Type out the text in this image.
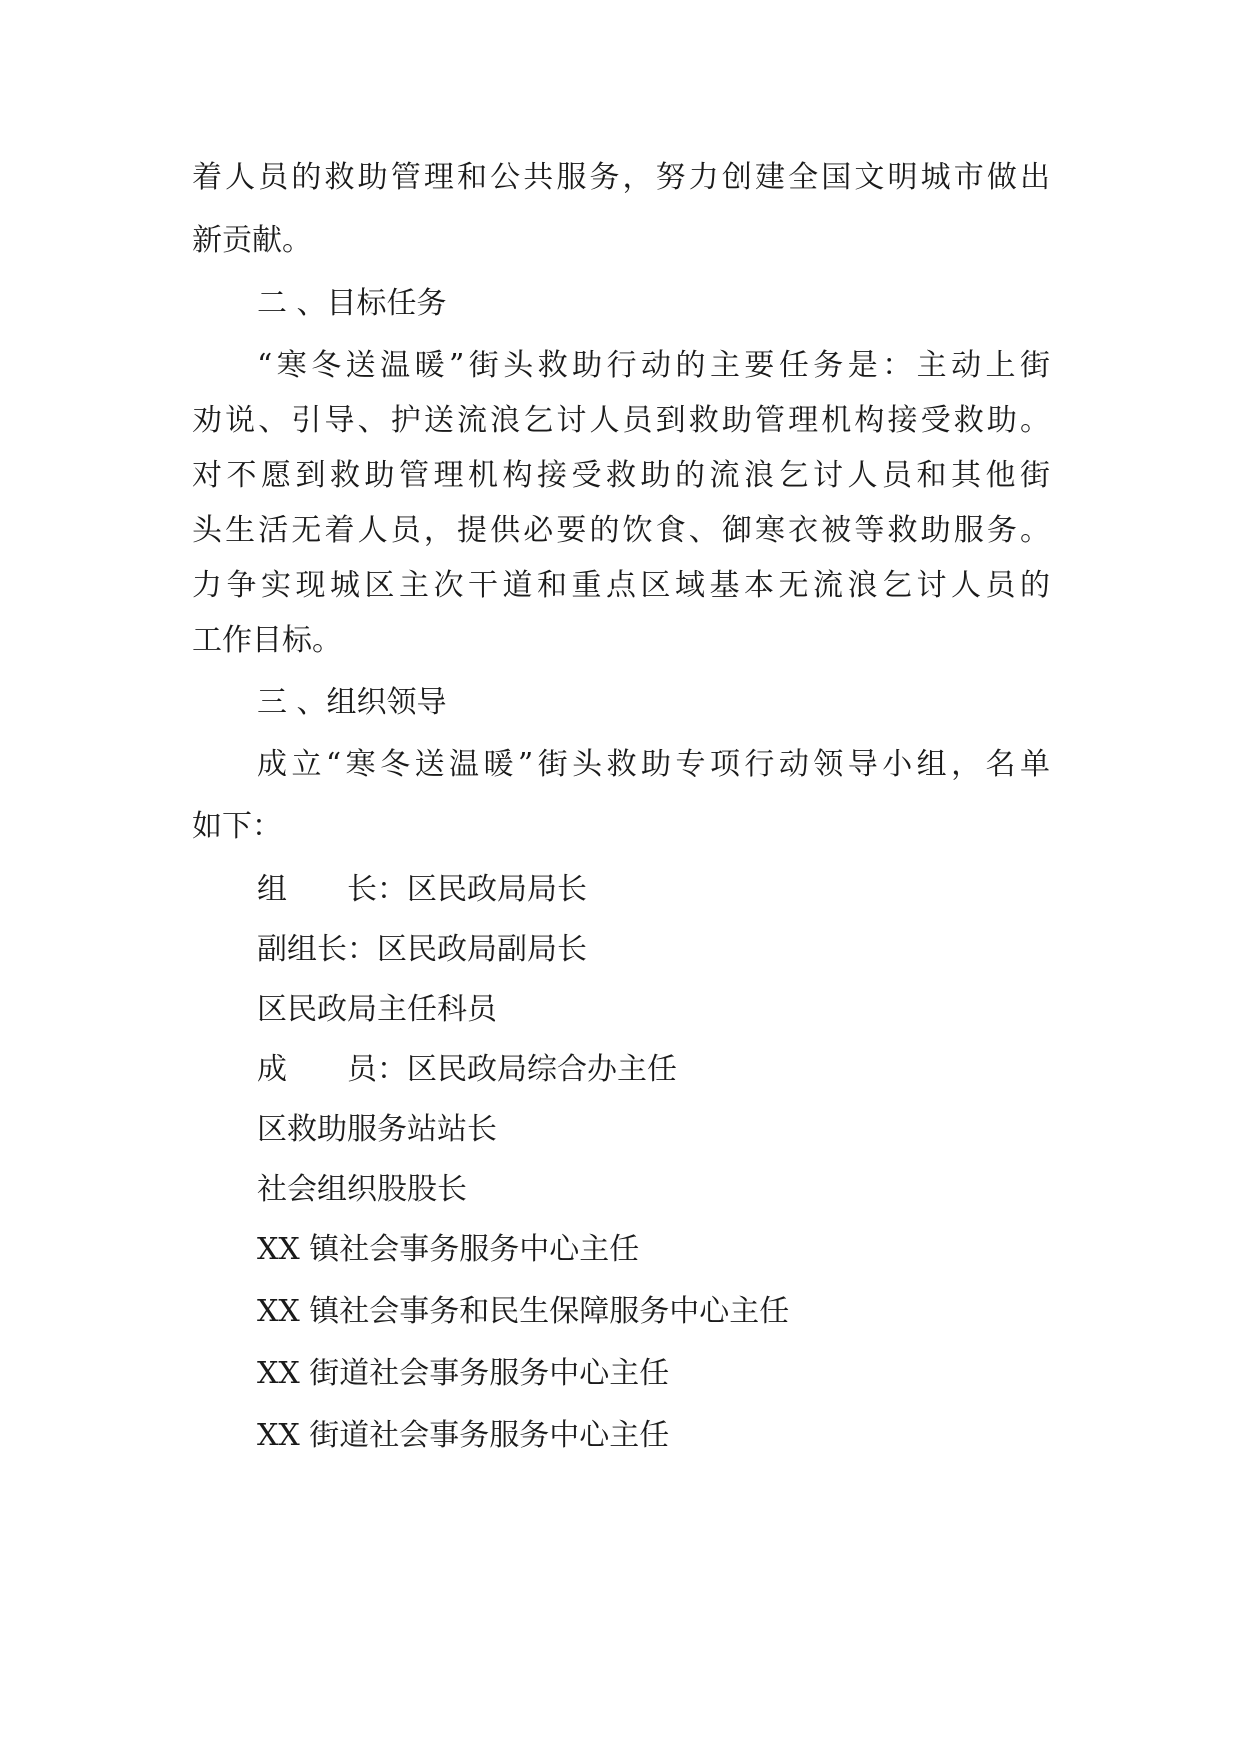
着人员的救助管理和公共服务，努力创建全国文明城市做出
新贡献。
二 、目标任务
“寒冬送温暖”街头救助行动的主要任务是：主动上街
劝说、引导、护送流浪乞讨人员到救助管理机构接受救助。
对不愿到救助管理机构接受救助的流浪乞讨人员和其他街
头生活无着人员，提供必要的饮食、御寒衣被等救助服务。
力争实现城区主次干道和重点区域基本无流浪乞讨人员的
工作目标。
三 、组织领导
成立“寒冬送温暖”街头救助专项行动领导小组，名单
如下：
组　　长：区民政局局长
副组长：区民政局副局长
区民政局主任科员
成　　员：区民政局综合办主任
区救助服务站站长
社会组织股股长
XX 镇社会事务服务中心主任
XX 镇社会事务和民生保障服务中心主任
XX 街道社会事务服务中心主任
XX 街道社会事务服务中心主任
